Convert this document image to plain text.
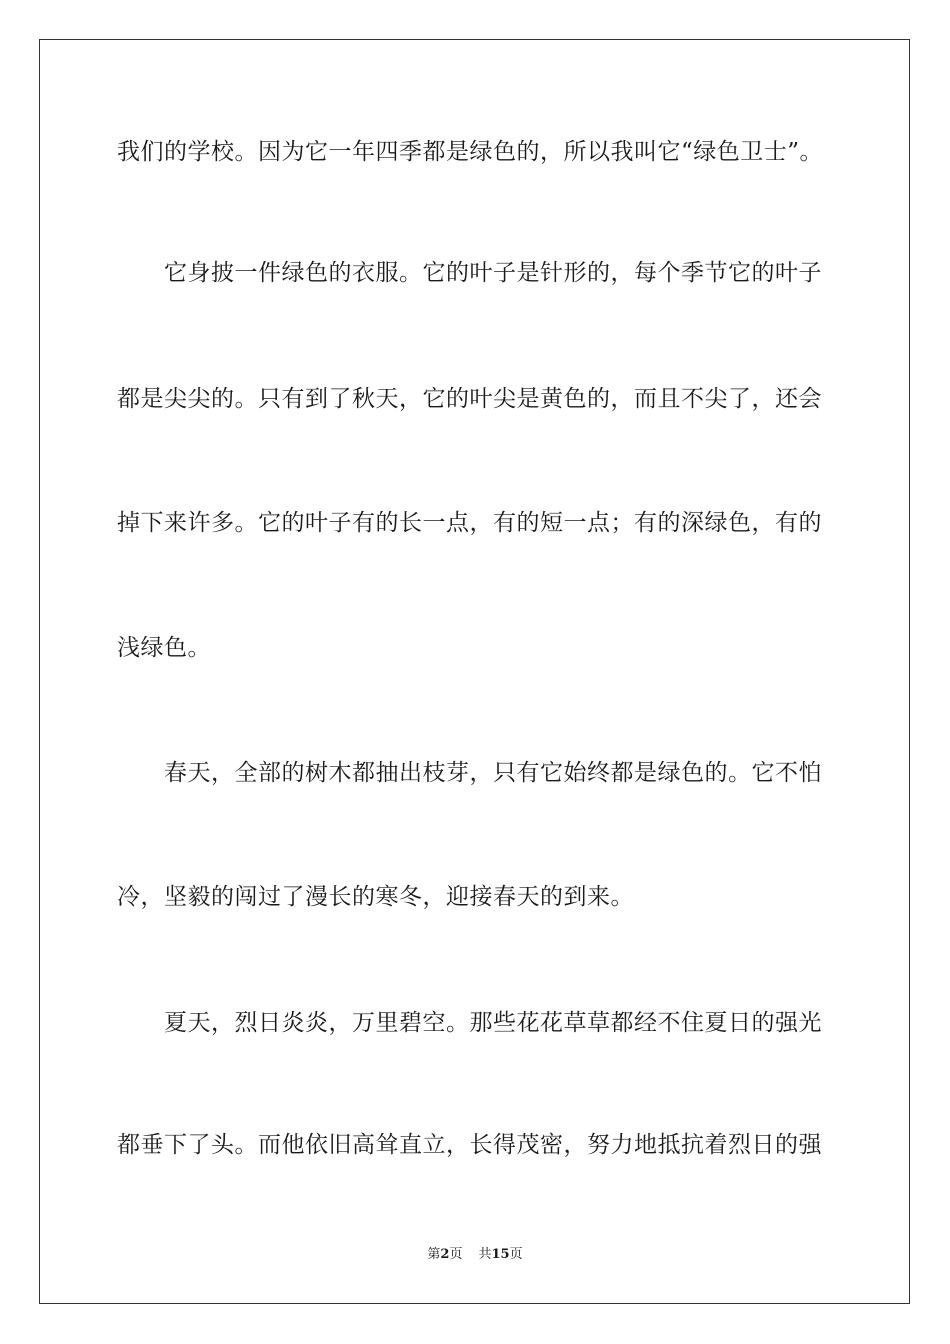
我们的学校。因为它一年四季都是绿色的，所以我叫它“绿色卫士”。
它身披一件绿色的衣服。它的叶子是针形的，每个季节它的叶子
都是尖尖的。只有到了秋天，它的叶尖是黄色的，而且不尖了，还会
掉下来许多。它的叶子有的长一点，有的短一点；有的深绿色，有的
浅绿色。
春天，全部的树木都抽出枝芽，只有它始终都是绿色的。它不怕
冷，坚毅的闯过了漫长的寒冬，迎接春天的到来。
夏天，烈日炎炎，万里碧空。那些花花草草都经不住夏日的强光
都垂下了头。而他依旧高耸直立，长得茂密，努力地抵抗着烈日的强
第2页 共15页
